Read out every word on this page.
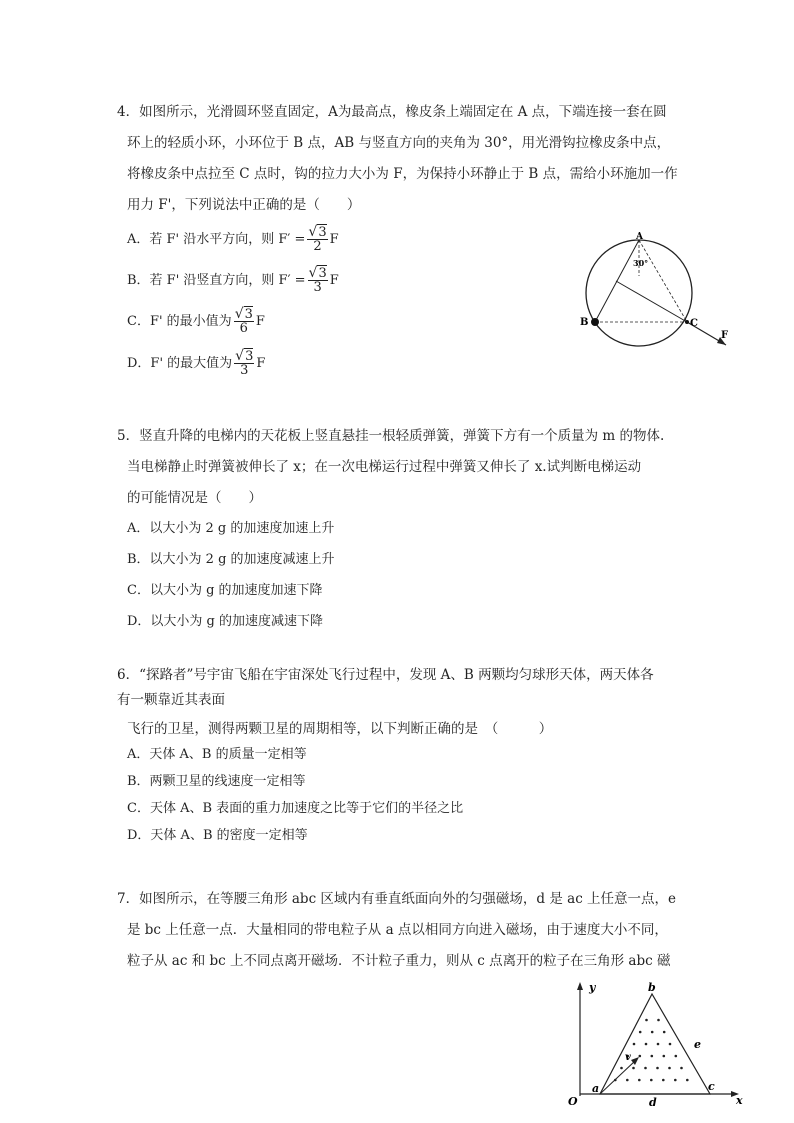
4．如图所示，光滑圆环竖直固定，A为最高点，橡皮条上端固定在 A 点，下端连接一套在圆
环上的轻质小环，小环位于 B 点，AB 与竖直方向的夹角为 30°，用光滑钩拉橡皮条中点，
将橡皮条中点拉至 C 点时，钩的拉力大小为 F，为保持小环静止于 B 点，需给小环施加一作
用力 F'，下列说法中正确的是（　　）
A．若 F' 沿水平方向，则 $F' = \frac{√3}{2}$ F
B．若 F' 沿竖直方向，则 $F' = \frac{√3}{3}$ F
C．F' 的最小值为 $\frac{√3}{6}$ F
D．F' 的最大值为 $\frac{√3}{3}$ F
A
30°
B	C
F
5．竖直升降的电梯内的天花板上竖直悬挂一根轻质弹簧，弹簧下方有一个质量为 m 的物体.
当电梯静止时弹簧被伸长了 x；在一次电梯运行过程中弹簧又伸长了 x.试判断电梯运动
的可能情况是（　　）
A．以大小为 2 g 的加速度加速上升
B．以大小为 2 g 的加速度减速上升
C．以大小为 g 的加速度加速下降
D．以大小为 g 的加速度减速下降
6．“探路者”号宇宙飞船在宇宙深处飞行过程中，发现 A、B 两颗均匀球形天体，两天体各
有一颗靠近其表面
飞行的卫星，测得两颗卫星的周期相等，以下判断正确的是　（　　　）
A．天体 A、B 的质量一定相等
B．两颗卫星的线速度一定相等
C．天体 A、B 表面的重力加速度之比等于它们的半径之比
D．天体 A、B 的密度一定相等
7．如图所示，在等腰三角形 abc 区域内有垂直纸面向外的匀强磁场，d 是 ac 上任意一点，e
是 bc 上任意一点．大量相同的带电粒子从 a 点以相同方向进入磁场，由于速度大小不同，
粒子从 ac 和 bc 上不同点离开磁场．不计粒子重力，则从 c 点离开的粒子在三角形 abc 磁
y
x
O
a
b
c
d
e
v
